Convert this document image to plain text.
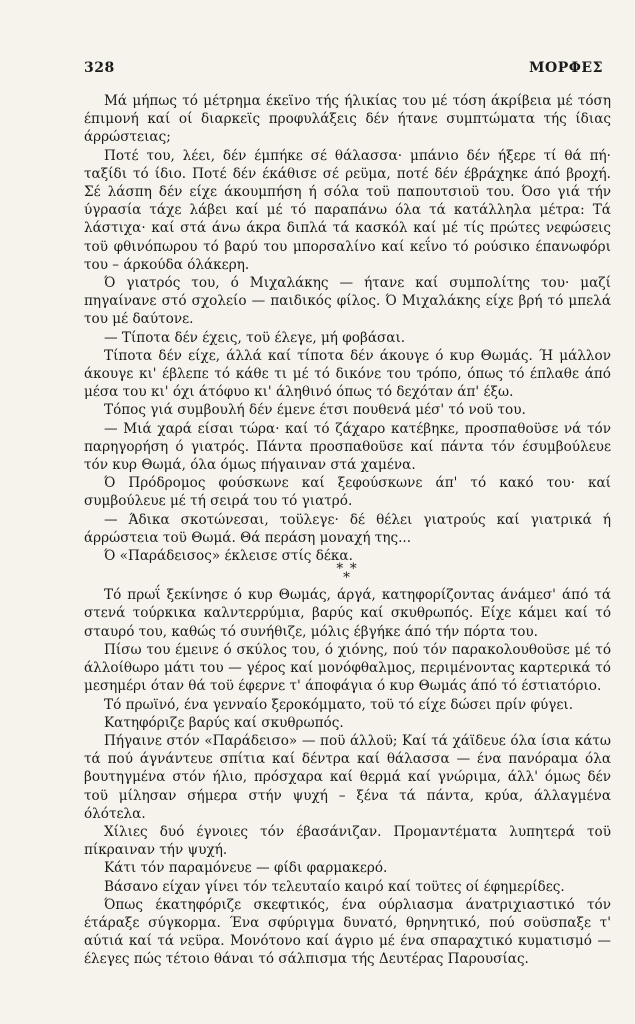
328	ΜΟΡΦΕΣ

Μά μήπως τό μέτρημα έκεϊνο τής ήλικίας του μέ τόση άκρίβεια μέ τόση έπιμονή καί οί διαρκεϊς προφυλάξεις δέν ήτανε συμπτώματα τής ίδιας άρρώστειας;

Ποτέ του, λέει, δέν έμπήκε σέ θάλασσα· μπάνιο δέν ήξερε τί θά πή· ταξίδι τό ίδιο. Ποτέ δέν έκάθισε σέ ρεϋμα, ποτέ δέν έβράχηκε άπό βροχή. Σέ λάσπη δέν είχε άκουμπήση ή σόλα τοϋ παπουτσιοϋ του. Όσο γιά τήν ύγρασία τάχε λάβει καί μέ τό παραπάνω όλα τά κατάλληλα μέτρα: Τά λάστιχα· καί στά άνω άκρα διπλά τά κασκόλ καί μέ τίς πρώτες νεφώσεις τοϋ φθινόπωρου τό βαρύ του μπορσαλίνο καί κεΐνο τό ρούσικο έπανωφόρι του – άρκούδα όλάκερη.

Ό γιατρός του, ό Μιχαλάκης — ήτανε καί συμπολίτης του· μαζί πηγαίνανε στό σχολείο — παιδικός φίλος. Ό Μιχαλάκης είχε βρή τό μπελά του μέ δαύτονε.

— Τίποτα δέν έχεις, τοϋ έλεγε, μή φοβάσαι.

Τίποτα δέν είχε, άλλά καί τίποτα δέν άκουγε ό κυρ Θωμάς. Ή μάλλον άκουγε κι' έβλεπε τό κάθε τι μέ τό δικόνε του τρόπο, όπως τό έπλαθε άπό μέσα του κι' όχι άτόφυο κι' άληθινό όπως τό δεχόταν άπ' έξω.

Τόπος γιά συμβουλή δέν έμενε έτσι πουθενά μέσ' τό νοϋ του.

— Μιά χαρά είσαι τώρα· καί τό ζάχαρο κατέβηκε, προσπαθοϋσε νά τόν παρηγορήση ό γιατρός. Πάντα προσπαθοϋσε καί πάντα τόν έσυμβούλευε τόν κυρ Θωμά, όλα όμως πήγαιναν στά χαμένα.

Ό Πρόδρομος φούσκωνε καί ξεφούσκωνε άπ' τό κακό του· καί συμβούλευε μέ τή σειρά του τό γιατρό.

— Άδικα σκοτώνεσαι, τοϋλεγε· δέ θέλει γιατρούς καί γιατρικά ή άρρώστεια τοϋ Θωμά. Θά περάση μοναχή της...

Ό «Παράδεισος» έκλεισε στίς δέκα.

* *
*

Τό πρωΐ ξεκίνησε ό κυρ Θωμάς, άργά, κατηφορίζοντας άνάμεσ' άπό τά στενά τούρκικα καλντερρύμια, βαρύς καί σκυθρωπός. Είχε κάμει καί τό σταυρό του, καθώς τό συνήθιζε, μόλις έβγήκε άπό τήν πόρτα του.

Πίσω του έμεινε ό σκύλος του, ό χιόνης, πού τόν παρακολουθοϋσε μέ τό άλλοίθωρο μάτι του — γέρος καί μονόφθαλμος, περιμένοντας καρτερικά τό μεσημέρι όταν θά τοϋ έφερνε τ' άποφάγια ό κυρ Θωμάς άπό τό έστιατόριο.

Τό πρωϊνό, ένα γενναίο ξεροκόμματο, τοϋ τό είχε δώσει πρίν φύγει.

Κατηφόριζε βαρύς καί σκυθρωπός.

Πήγαινε στόν «Παράδεισο» — ποϋ άλλοϋ; Καί τά χάϊδευε όλα ίσια κάτω τά πού άγνάντευε σπίτια καί δέντρα καί θάλασσα — ένα πανόραμα όλα βουτηγμένα στόν ήλιο, πρόσχαρα καί θερμά καί γνώριμα, άλλ' όμως δέν τοϋ μίλησαν σήμερα στήν ψυχή – ξένα τά πάντα, κρύα, άλλαγμένα όλότελα.

Χίλιες δυό έγνοιες τόν έβασάνιζαν. Προμαντέματα λυπητερά τοϋ πίκραιναν τήν ψυχή.

Κάτι τόν παραμόνευε — φίδι φαρμακερό.

Βάσανο είχαν γίνει τόν τελευταίο καιρό καί τοϋτες οί έφημερίδες.

Όπως έκατηφόριζε σκεφτικός, ένα ούρλιασμα άνατριχιαστικό τόν έτάραξε σύγκορμα. Ένα σφύριγμα δυνατό, θρηνητικό, πού σοϋσπαξε τ' αύτιά καί τά νεϋρα. Μονότονο καί άγριο μέ ένα σπαραχτικό κυματισμό — έλεγες πώς τέτοιο θάναι τό σάλπισμα τής Δευτέρας Παρουσίας.
